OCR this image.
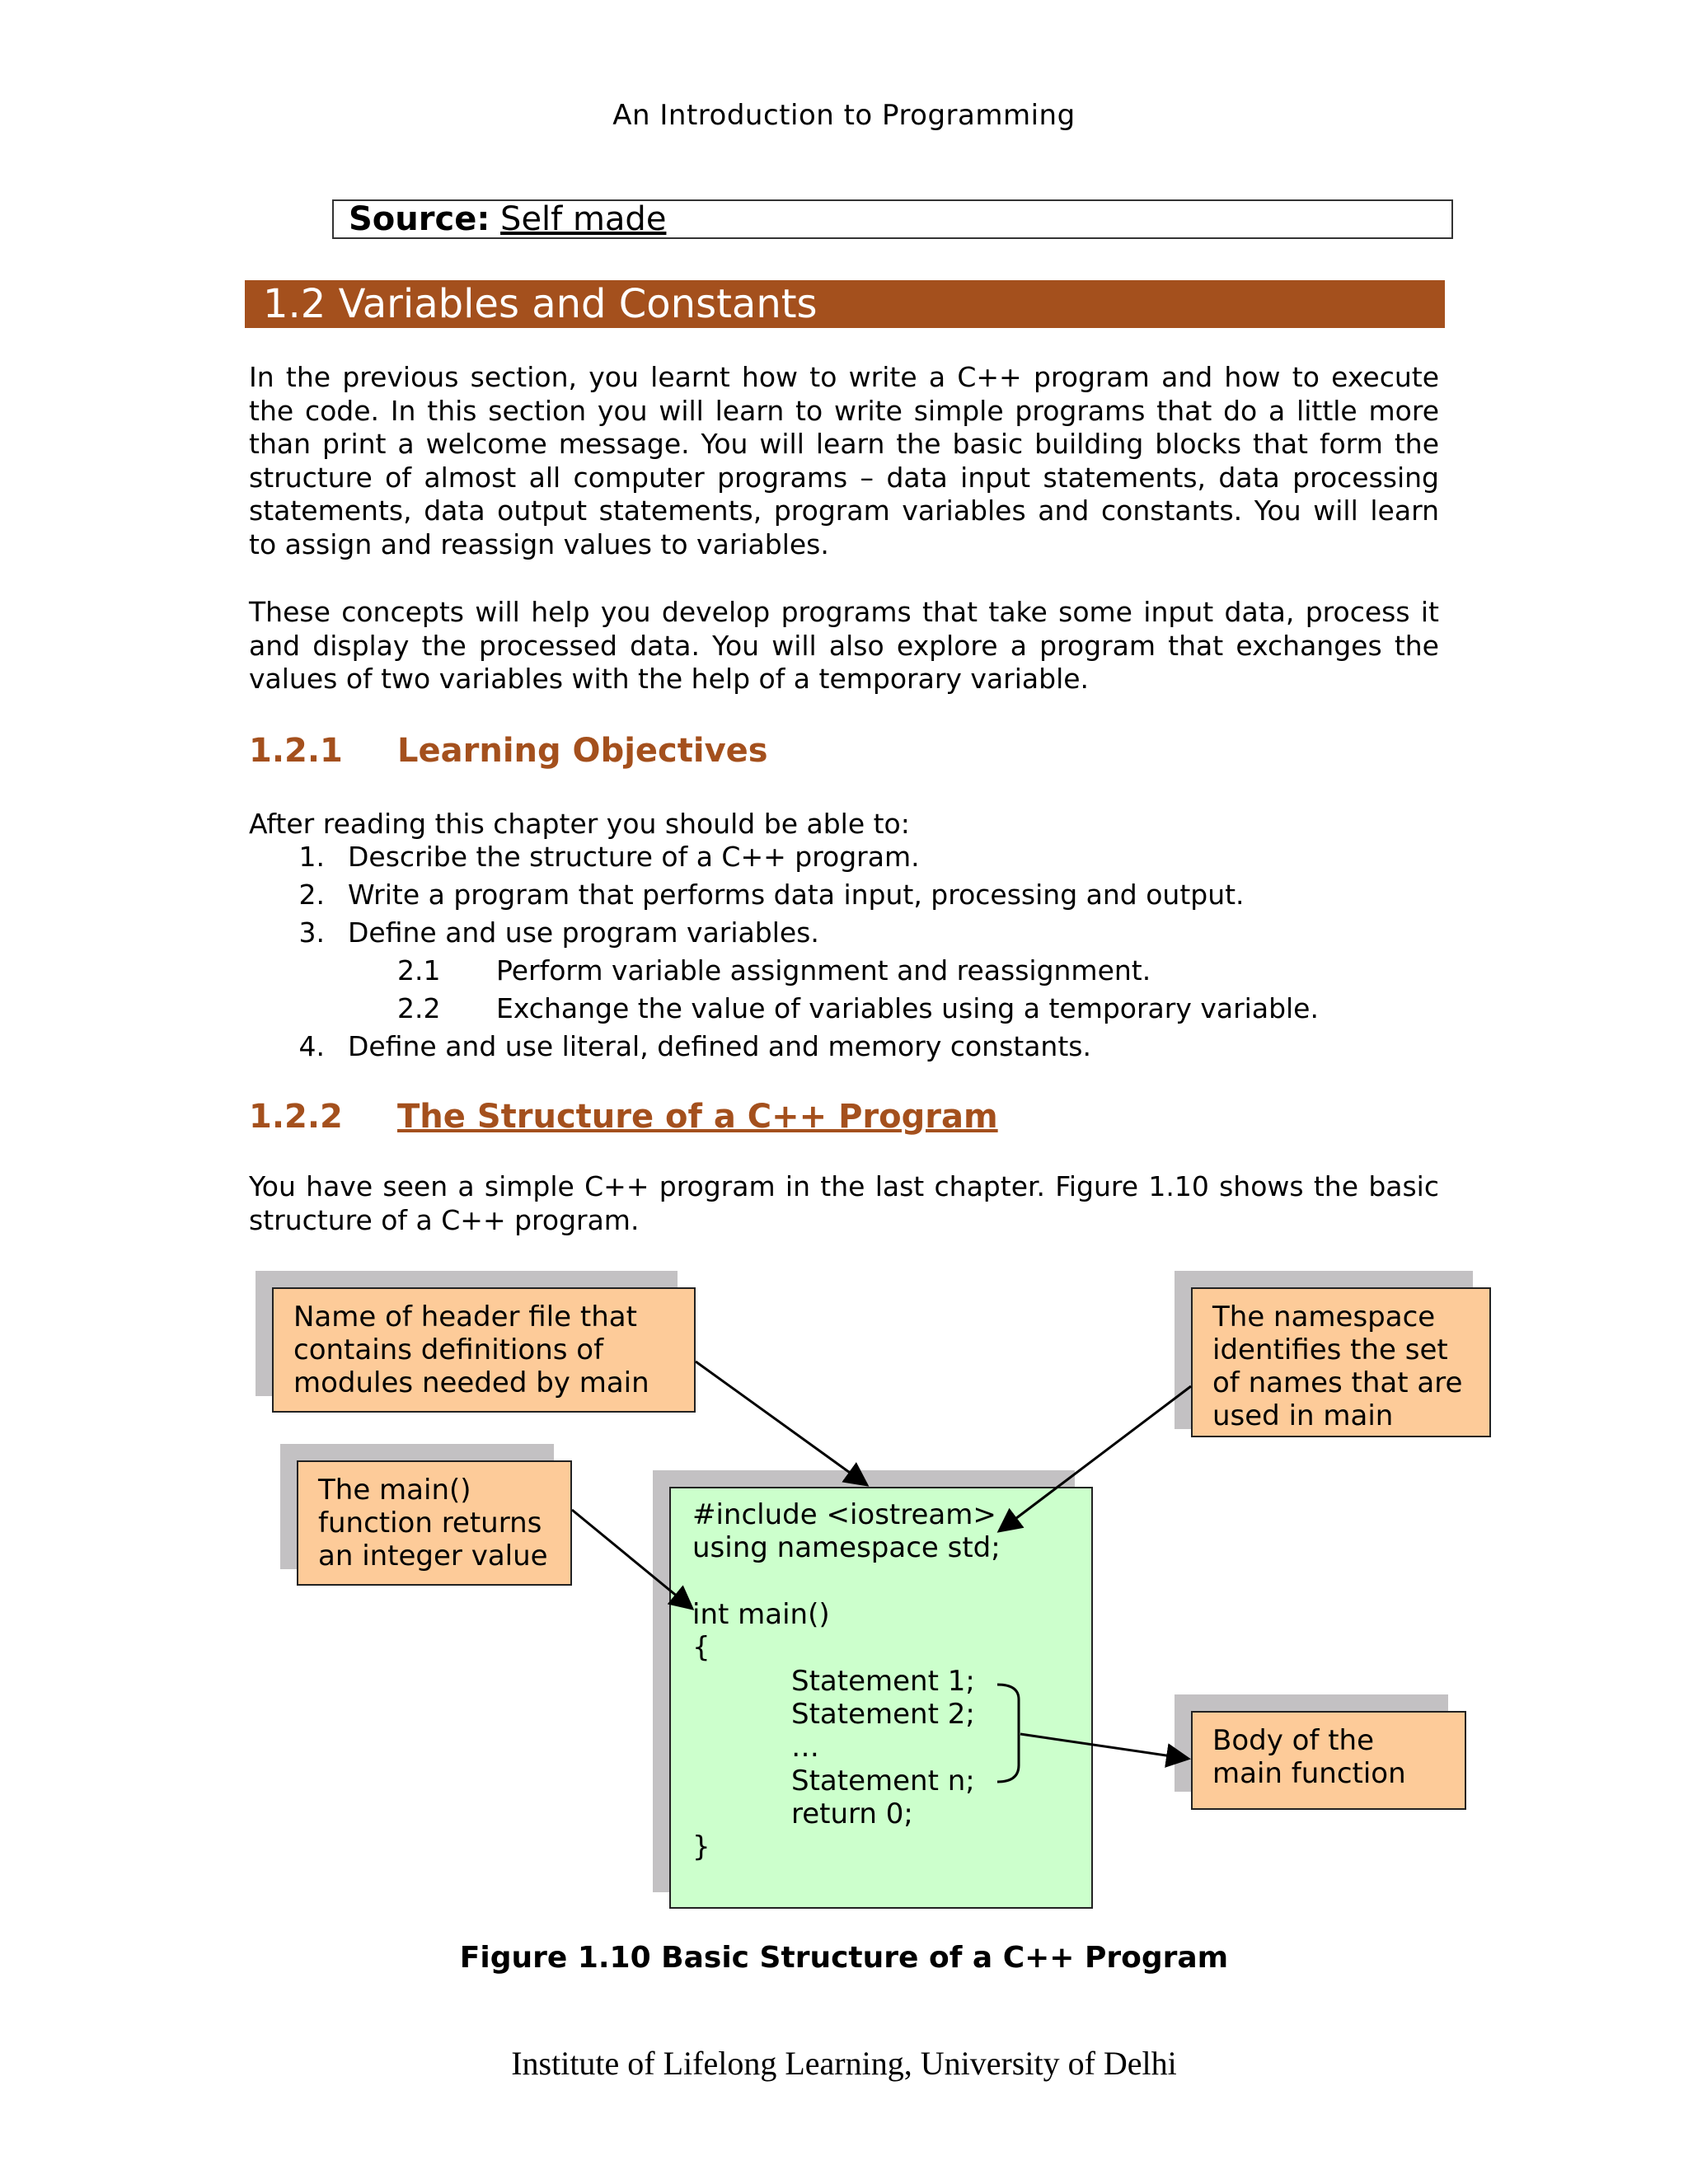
An Introduction to Programming
Source: Self made
1.2 Variables and Constants

In the previous section, you learnt how to write a C++ program and how to execute the code. In this section you will learn to write simple programs that do a little more than print a welcome message. You will learn the basic building blocks that form the structure of almost all computer programs – data input statements, data processing statements, data output statements, program variables and constants. You will learn to assign and reassign values to variables.

These concepts will help you develop programs that take some input data, process it and display the processed data. You will also explore a program that exchanges the values of two variables with the help of a temporary variable.

1.2.1 Learning Objectives
After reading this chapter you should be able to:
1. Describe the structure of a C++ program.
2. Write a program that performs data input, processing and output.
3. Define and use program variables.
2.1 Perform variable assignment and reassignment.
2.2 Exchange the value of variables using a temporary variable.
4. Define and use literal, defined and memory constants.
1.2.2 The Structure of a C++ Program

You have seen a simple C++ program in the last chapter. Figure 1.10 shows the basic structure of a C++ program.

Name of header file that
contains definitions of
modules needed by main
The main()
function returns
an integer value
The namespace
identifies the set
of names that are
used in main
Body of the
main function
#include <iostream>
using namespace std;
int main()
{
Statement 1;
Statement 2;
…
Statement n;
return 0;
}
Figure 1.10 Basic Structure of a C++ Program
Institute of Lifelong Learning, University of Delhi
